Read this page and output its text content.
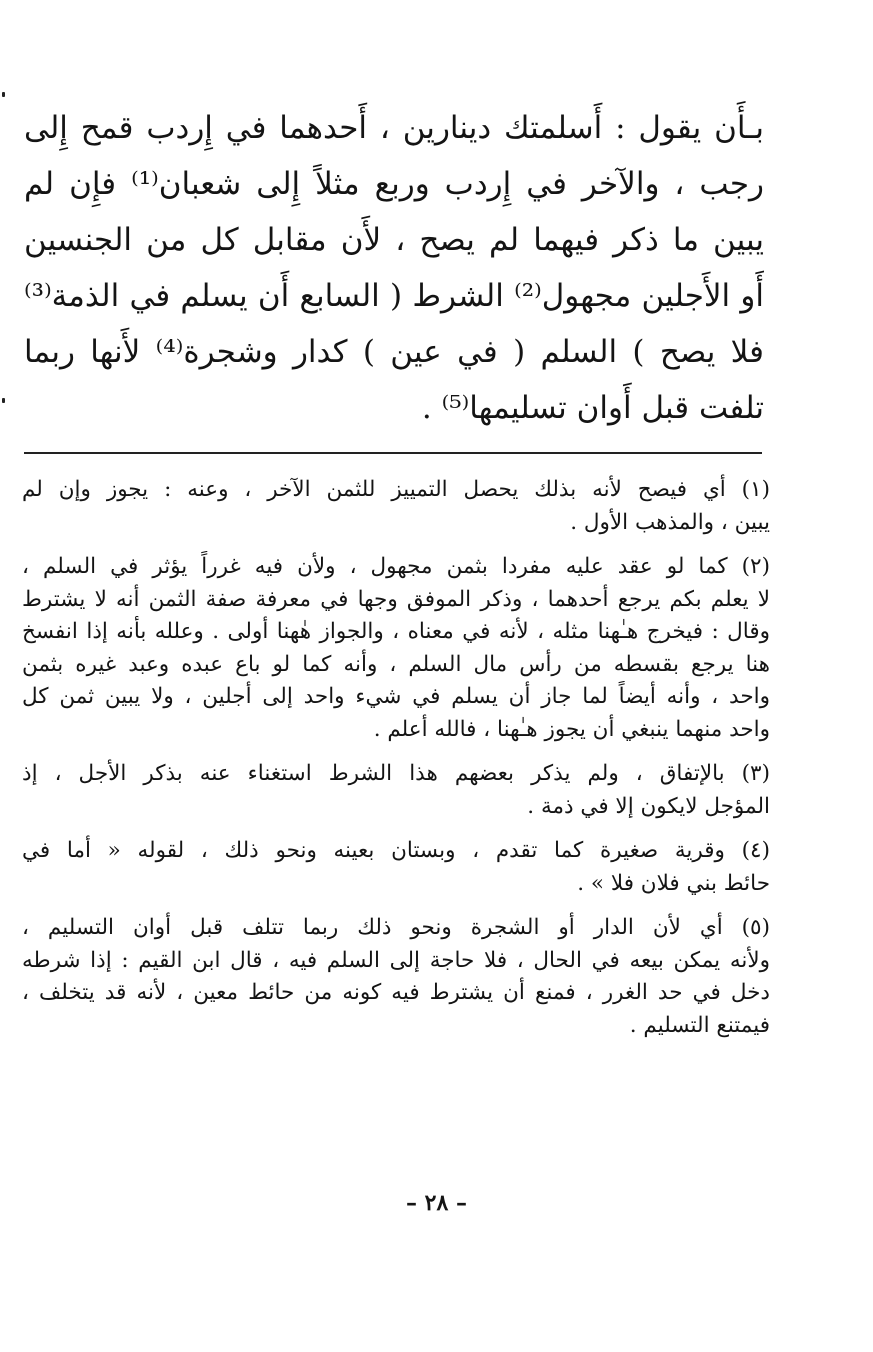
بـأَن يقول : أَسلمتك دينارين ، أَحدهما في إِردب قمح إِلى
رجب ، والآخر في إِردب وربع مثلاً إِلى شعبان⁽¹⁾ فإِن لم
يبين ما ذكر فيهما لم يصح ، لأَن مقابل كل من الجنسين
أَو الأَجلين مجهول⁽²⁾ الشرط ( السابع أَن يسلم في الذمة⁽³⁾
فلا يصح ) السلم ( في عين ) كدار وشجرة⁽⁴⁾ لأَنها ربما
تلفت قبل أَوان تسليمها⁽⁵⁾ .
(١) أي فيصح لأنه بذلك يحصل التمييز للثمن الآخر ، وعنه : يجوز وإن لم
يبين ، والمذهب الأول .
(٢) كما لو عقد عليه مفردا بثمن مجهول ، ولأن فيه غرراً يؤثر في السلم ،
لا يعلم بكم يرجع أحدهما ، وذكر الموفق وجها في معرفة صفة الثمن أنه لا يشترط
وقال : فيخرج هـٰهنا مثله ، لأنه في معناه ، والجواز هٰهنا أولى . وعلله بأنه إذا انفسخ
هنا يرجع بقسطه من رأس مال السلم ، وأنه كما لو باع عبده وعبد غيره بثمن
واحد ، وأنه أيضاً لما جاز أن يسلم في شيء واحد إلى أجلين ، ولا يبين ثمن كل
واحد منهما ينبغي أن يجوز هـٰهنا ، فالله أعلم .
(٣) بالإتفاق ، ولم يذكر بعضهم هذا الشرط استغناء عنه بذكر الأجل ، إذ
المؤجل لايكون إلا في ذمة .
(٤) وقرية صغيرة كما تقدم ، وبستان بعينه ونحو ذلك ، لقوله « أما في
حائط بني فلان فلا » .
(٥) أي لأن الدار أو الشجرة ونحو ذلك ربما تتلف قبل أوان التسليم ،
ولأنه يمكن بيعه في الحال ، فلا حاجة إلى السلم فيه ، قال ابن القيم : إذا شرطه
دخل في حد الغرر ، فمنع أن يشترط فيه كونه من حائط معين ، لأنه قد يتخلف ،
فيمتنع التسليم .
– ٢٨ –
